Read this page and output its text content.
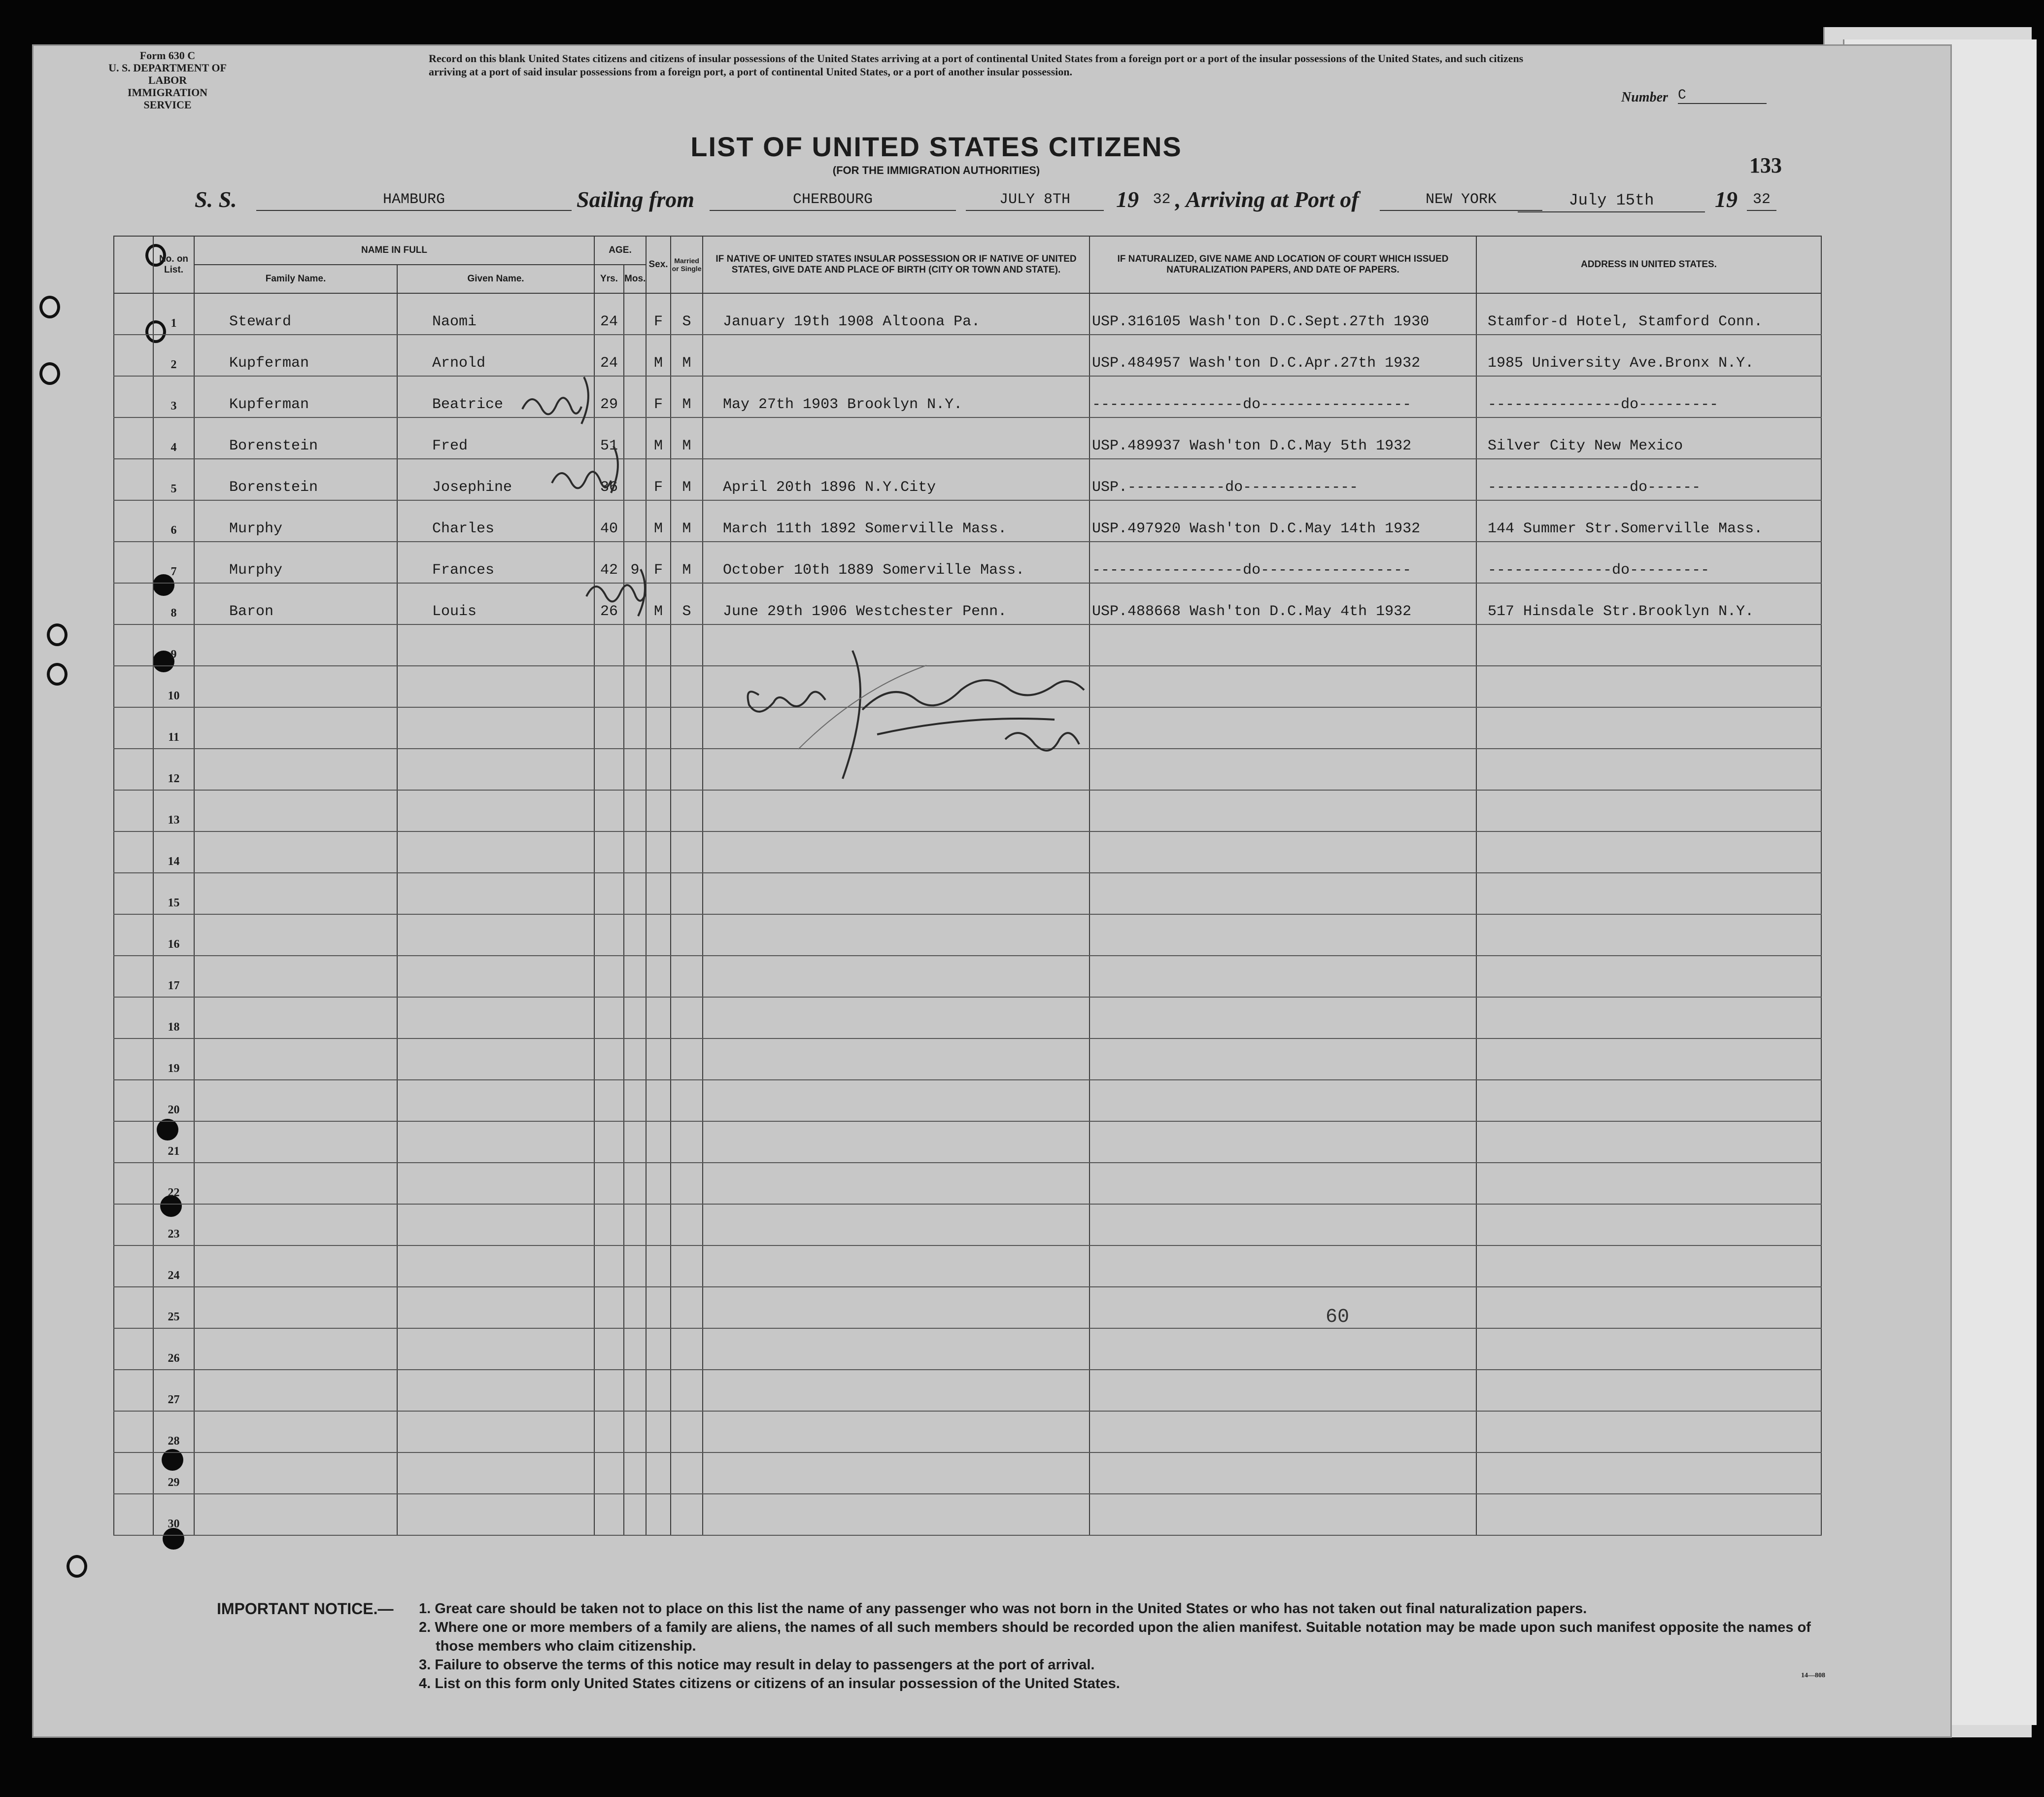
Form 630 C
U. S. DEPARTMENT OF LABOR
IMMIGRATION SERVICE
Record on this blank United States citizens and citizens of insular possessions of the United States arriving at a port of continental United States from a foreign port or a port of the insular possessions of the United States, and such citizens arriving at a port of said insular possessions from a foreign port, a port of continental United States, or a port of another insular possession.
Number C
LIST OF UNITED STATES CITIZENS
(FOR THE IMMIGRATION AUTHORITIES)	133
S. S.	HAMBURG	Sailing from	CHERBOURG	JULY 8TH	19 32 , Arriving at Port of	NEW YORK	July 15th	19	32
	No. on List.	NAME IN FULL		AGE.		Sex.	Married or Single	IF NATIVE OF UNITED STATES INSULAR POSSESSION OR IF NATIVE OF UNITED STATES, GIVE DATE AND PLACE OF BIRTH (CITY OR TOWN AND STATE).	IF NATURALIZED, GIVE NAME AND LOCATION OF COURT WHICH ISSUED NATURALIZATION PAPERS, AND DATE OF PAPERS.	ADDRESS IN UNITED STATES.
		Family Name.	Given Name.	Yrs.	Mos.					
	1	Steward	Naomi	24		F	S	January 19th 1908 Altoona Pa.	USP.316105 Wash'ton D.C.Sept.27th 1930	Stamfor-d Hotel, Stamford Conn.
	2	Kupferman	Arnold	24		M	M		USP.484957 Wash'ton D.C.Apr.27th 1932	1985 University Ave.Bronx N.Y.
	3	Kupferman	Beatrice	29		F	M	May 27th 1903 Brooklyn N.Y.	-----------------do-----------------	---------------do---------
	4	Borenstein	Fred	51		M	M		USP.489937 Wash'ton D.C.May 5th 1932	Silver City New Mexico
	5	Borenstein	Josephine	36		F	M	April 20th 1896 N.Y.City	USP.-----------do-------------	----------------do------
	6	Murphy	Charles	40		M	M	March 11th 1892 Somerville Mass.	USP.497920 Wash'ton D.C.May 14th 1932	144 Summer Str.Somerville Mass.
	7	Murphy	Frances	42	9	F	M	October 10th 1889 Somerville Mass.	-----------------do-----------------	--------------do---------
	8	Baron	Louis	26		M	S	June 29th 1906 Westchester Penn.	USP.488668 Wash'ton D.C.May 4th 1932	517 Hinsdale Str.Brooklyn N.Y.
	9									
	10									
	11									
	12									
	13									
	14									
	15									
	16									
	17									
	18									
	19									
	20									
	21									
	22									
	23									
	24									
	25									
	26									
	27									
	28									
	29									
	30									
60
IMPORTANT NOTICE.— 1. Great care should be taken not to place on this list the name of any passenger who was not born in the United States or who has not taken out final naturalization papers.
2. Where one or more members of a family are aliens, the names of all such members should be recorded upon the alien manifest. Suitable notation may be made upon such manifest opposite the names of those members who claim citizenship.
3. Failure to observe the terms of this notice may result in delay to passengers at the port of arrival.
4. List on this form only United States citizens or citizens of an insular possession of the United States.
14—808
